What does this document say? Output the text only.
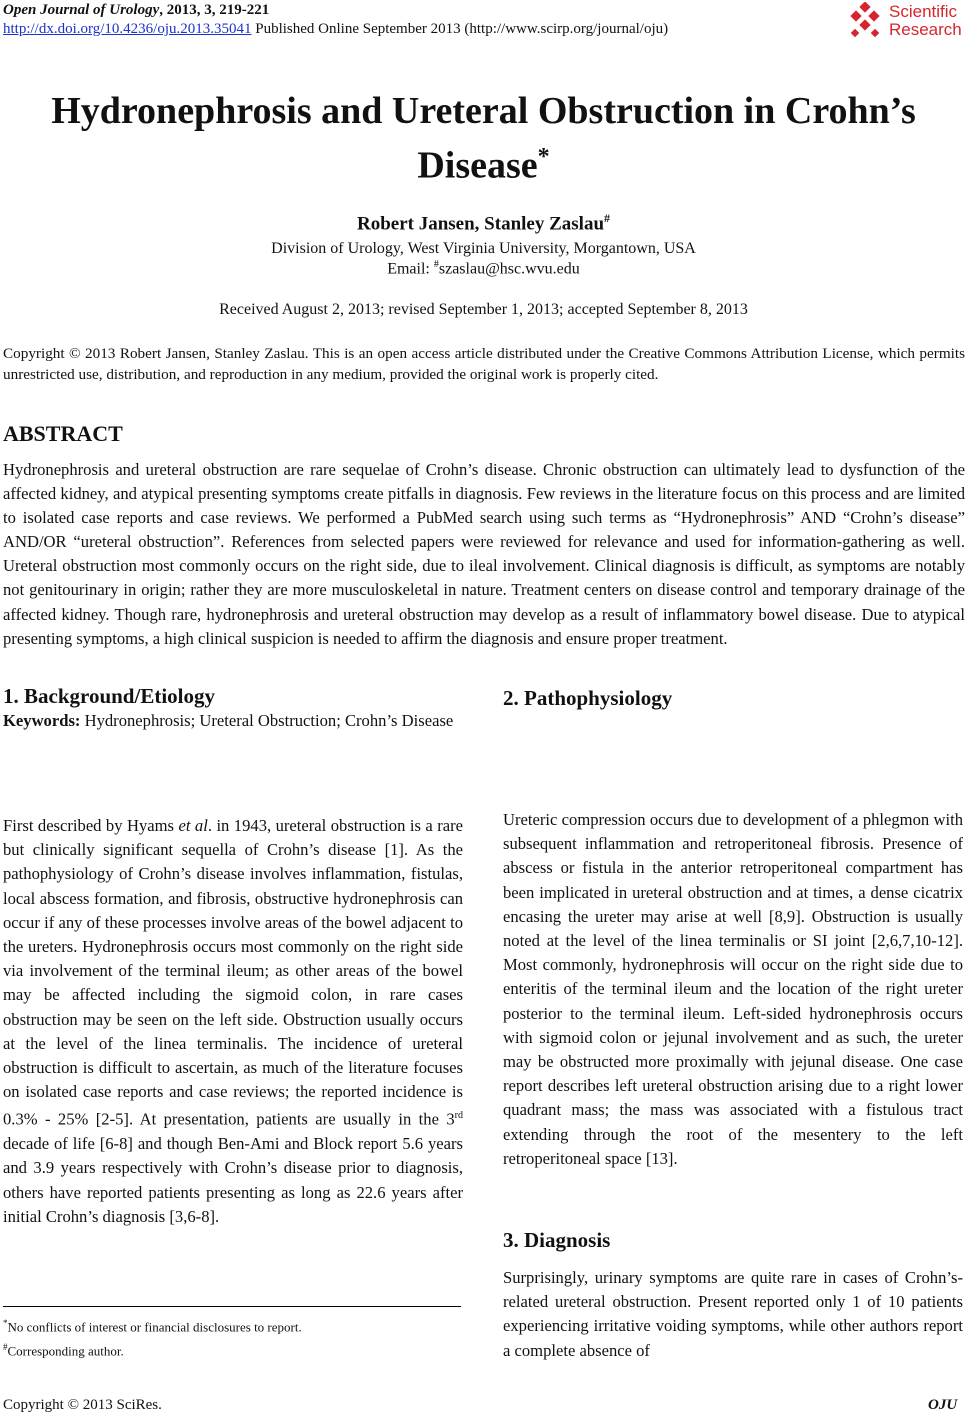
Open Journal of Urology, 2013, 3, 219-221
http://dx.doi.org/10.4236/oju.2013.35041 Published Online September 2013 (http://www.scirp.org/journal/oju)
Scientific
Research
Hydronephrosis and Ureteral Obstruction in Crohn’s
Disease*
Robert Jansen, Stanley Zaslau#
Division of Urology, West Virginia University, Morgantown, USA
Email: #szaslau@hsc.wvu.edu
Received August 2, 2013; revised September 1, 2013; accepted September 8, 2013
Copyright © 2013 Robert Jansen, Stanley Zaslau. This is an open access article distributed under the Creative Commons Attribution License, which permits unrestricted use, distribution, and reproduction in any medium, provided the original work is properly cited.
ABSTRACT
Hydronephrosis and ureteral obstruction are rare sequelae of Crohn’s disease. Chronic obstruction can ultimately lead to dysfunction of the affected kidney, and atypical presenting symptoms create pitfalls in diagnosis. Few reviews in the literature focus on this process and are limited to isolated case reports and case reviews. We performed a PubMed search using such terms as “Hydronephrosis” AND “Crohn’s disease” AND/OR “ureteral obstruction”. References from selected papers were reviewed for relevance and used for information-gathering as well. Ureteral obstruction most commonly occurs on the right side, due to ileal involvement. Clinical diagnosis is difficult, as symptoms are notably not genitourinary in origin; rather they are more musculoskeletal in nature. Treatment centers on disease control and temporary drainage of the affected kidney. Though rare, hydronephrosis and ureteral obstruction may develop as a result of inflammatory bowel disease. Due to atypical presenting symptoms, a high clinical suspicion is needed to affirm the diagnosis and ensure proper treatment.
Keywords: Hydronephrosis; Ureteral Obstruction; Crohn’s Disease
1. Background/Etiology
First described by Hyams et al. in 1943, ureteral obstruction is a rare but clinically significant sequella of Crohn’s disease [1]. As the pathophysiology of Crohn’s disease involves inflammation, fistulas, local abscess formation, and fibrosis, obstructive hydronephrosis can occur if any of these processes involve areas of the bowel adjacent to the ureters. Hydronephrosis occurs most commonly on the right side via involvement of the terminal ileum; as other areas of the bowel may be affected including the sigmoid colon, in rare cases obstruction may be seen on the left side. Obstruction usually occurs at the level of the linea terminalis. The incidence of ureteral obstruction is difficult to ascertain, as much of the literature focuses on isolated case reports and case reviews; the reported incidence is 0.3% - 25% [2-5]. At presentation, patients are usually in the 3rd decade of life [6-8] and though Ben-Ami and Block report 5.6 years and 3.9 years respectively with Crohn’s disease prior to diagnosis, others have reported patients presenting as long as 22.6 years after initial Crohn’s diagnosis [3,6-8].
*No conflicts of interest or financial disclosures to report.
#Corresponding author.
2. Pathophysiology
Ureteric compression occurs due to development of a phlegmon with subsequent inflammation and retroperitoneal fibrosis. Presence of abscess or fistula in the anterior retroperitoneal compartment has been implicated in ureteral obstruction and at times, a dense cicatrix encasing the ureter may arise at well [8,9]. Obstruction is usually noted at the level of the linea terminalis or SI joint [2,6,7,10-12]. Most commonly, hydronephrosis will occur on the right side due to enteritis of the terminal ileum and the location of the right ureter posterior to the terminal ileum. Left-sided hydronephrosis occurs with sigmoid colon or jejunal involvement and as such, the ureter may be obstructed more proximally with jejunal disease. One case report describes left ureteral obstruction arising due to a right lower quadrant mass; the mass was associated with a fistulous tract extending through the root of the mesentery to the left retroperitoneal space [13].
3. Diagnosis
Surprisingly, urinary symptoms are quite rare in cases of Crohn’s-related ureteral obstruction. Present reported only 1 of 10 patients experiencing irritative voiding symptoms, while other authors report a complete absence of
Copyright © 2013 SciRes.	OJU
